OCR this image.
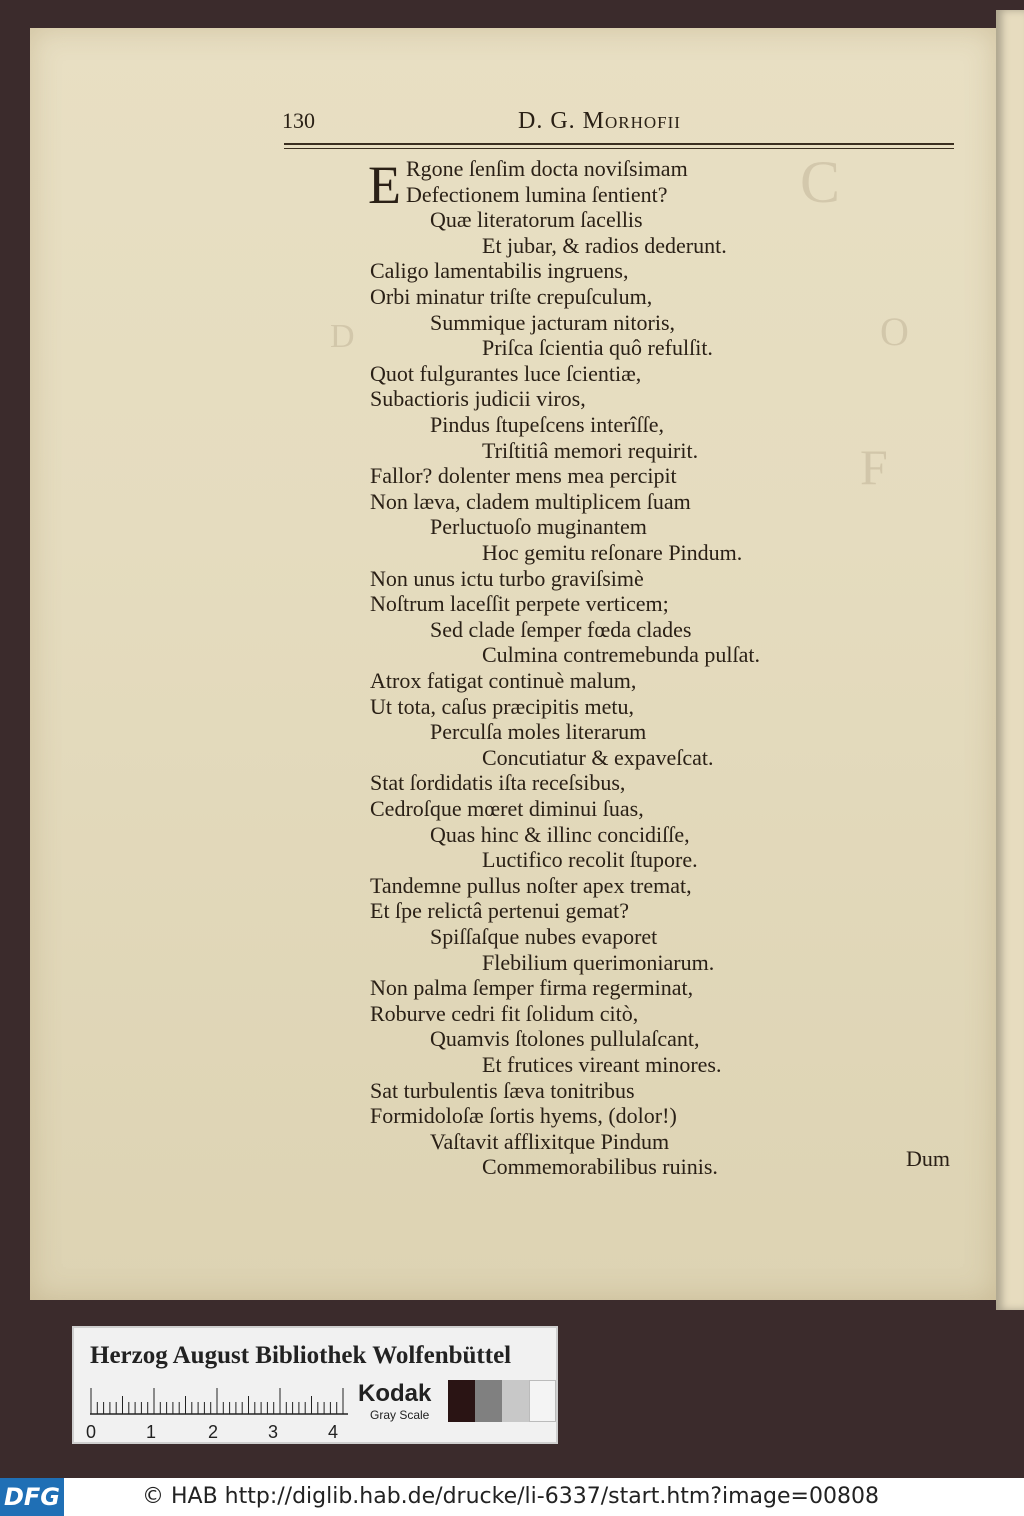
C
O
D
F
130	D. G. Morhofii
E Rgone ſenſim docta noviſsimam
Defectionem lumina ſentient?
Quæ literatorum ſacellis
Et jubar, & radios dederunt.
Caligo lamentabilis ingruens,
Orbi minatur triſte crepuſculum,
Summique jacturam nitoris,
Priſca ſcientia quô refulſit.
Quot fulgurantes luce ſcientiæ,
Subactioris judicii viros,
Pindus ſtupeſcens interîſſe,
Triſtitiâ memori requirit.
Fallor? dolenter mens mea percipit
Non læva, cladem multiplicem ſuam
Perluctuoſo muginantem
Hoc gemitu reſonare Pindum.
Non unus ictu turbo graviſsimè
Noſtrum laceſſit perpete verticem;
Sed clade ſemper fœda clades
Culmina contremebunda pulſat.
Atrox fatigat continuè malum,
Ut tota, caſus præcipitis metu,
Perculſa moles literarum
Concutiatur & expaveſcat.
Stat ſordidatis iſta receſsibus,
Cedroſque mœret diminui ſuas,
Quas hinc & illinc concidiſſe,
Luctifico recolit ſtupore.
Tandemne pullus noſter apex tremat,
Et ſpe relictâ pertenui gemat?
Spiſſaſque nubes evaporet
Flebilium querimoniarum.
Non palma ſemper firma regerminat,
Roburve cedri fit ſolidum citò,
Quamvis ſtolones pullulaſcant,
Et frutices vireant minores.
Sat turbulentis ſæva tonitribus
Formidoloſæ ſortis hyems, (dolor!)
Vaſtavit afflixitque Pindum
Commemorabilibus ruinis.	Dum
Herzog August Bibliothek Wolfenbüttel
0	1	2	3	4
Kodak
Gray Scale
DFG	© HAB http://diglib.hab.de/drucke/li-6337/start.htm?image=00808
